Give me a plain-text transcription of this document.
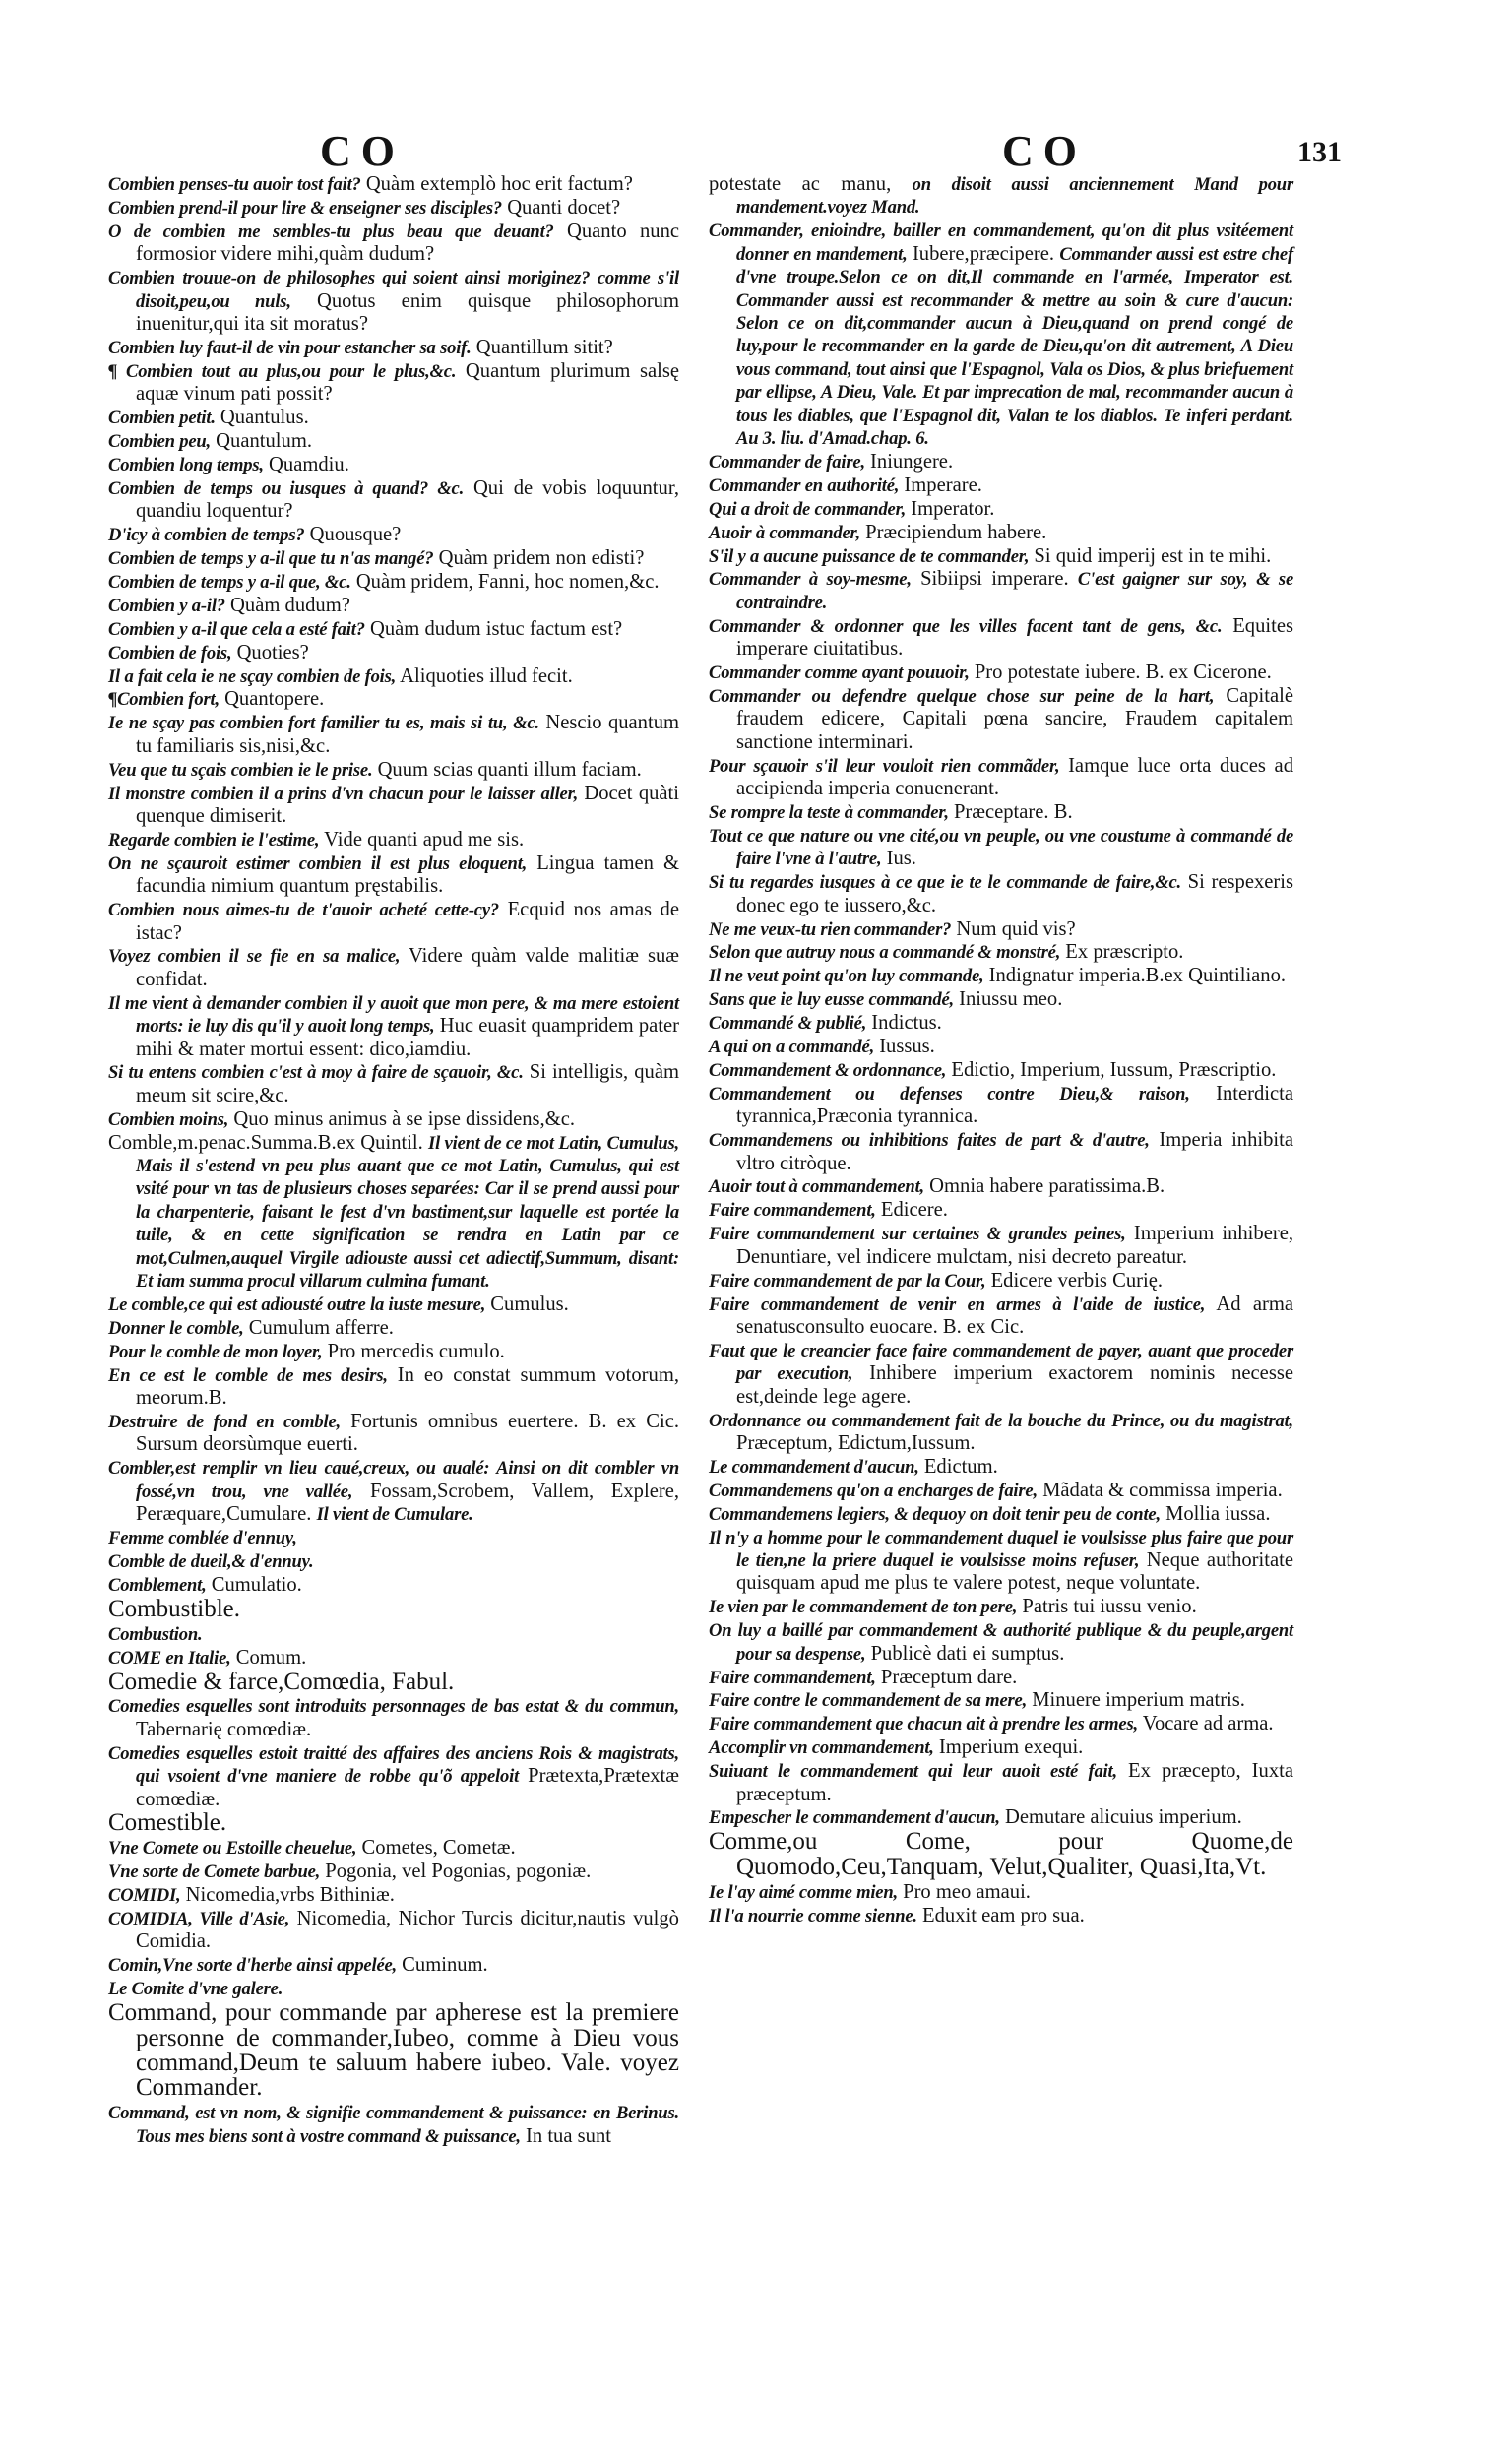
CO	CO	131
Combien penses-tu auoir tost fait? Quàm extemplò hoc erit factum?
Combien prend-il pour lire & enseigner ses disciples? Quanti docet?
O de combien me sembles-tu plus beau que deuant? Quanto nunc formosior videre mihi,quàm dudum?
Combien trouue-on de philosophes qui soient ainsi moriginez? comme s'il disoit,peu,ou nuls, Quotus enim quisque philosophorum inuenitur,qui ita sit moratus?
Combien luy faut-il de vin pour estancher sa soif. Quantillum sitit?
¶ Combien tout au plus,ou pour le plus,&c. Quantum plurimum salsę aquæ vinum pati possit?
Combien petit. Quantulus.
Combien peu, Quantulum.
Combien long temps, Quamdiu.
Combien de temps ou iusques à quand? &c. Qui de vobis loquuntur, quandiu loquentur?
D'icy à combien de temps? Quousque?
Combien de temps y a-il que tu n'as mangé? Quàm pridem non edisti?
Combien de temps y a-il que, &c. Quàm pridem, Fanni, hoc nomen,&c.
Combien y a-il? Quàm dudum?
Combien y a-il que cela a esté fait? Quàm dudum istuc factum est?
Combien de fois, Quoties?
Il a fait cela ie ne sçay combien de fois, Aliquoties illud fecit.
¶Combien fort, Quantopere.
Ie ne sçay pas combien fort familier tu es, mais si tu, &c. Nescio quantum tu familiaris sis,nisi,&c.
Veu que tu sçais combien ie le prise. Quum scias quanti illum faciam.
Il monstre combien il a prins d'vn chacun pour le laisser aller, Docet quàti quenque dimiserit.
Regarde combien ie l'estime, Vide quanti apud me sis.
On ne sçauroit estimer combien il est plus eloquent, Lingua tamen & facundia nimium quantum pręstabilis.
Combien nous aimes-tu de t'auoir acheté cette-cy? Ecquid nos amas de istac?
Voyez combien il se fie en sa malice, Videre quàm valde malitiæ suæ confidat.
Il me vient à demander combien il y auoit que mon pere, & ma mere estoient morts: ie luy dis qu'il y auoit long temps, Huc euasit quampridem pater mihi & mater mortui essent: dico,iamdiu.
Si tu entens combien c'est à moy à faire de sçauoir, &c. Si intelligis, quàm meum sit scire,&c.
Combien moins, Quo minus animus à se ipse dissidens,&c.
Comble,m.penac.Summa.B.ex Quintil. Il vient de ce mot Latin, Cumulus, Mais il s'estend vn peu plus auant que ce mot Latin, Cumulus, qui est vsité pour vn tas de plusieurs choses separées: Car il se prend aussi pour la charpenterie, faisant le fest d'vn bastiment,sur laquelle est portée la tuile, & en cette signification se rendra en Latin par ce mot,Culmen,auquel Virgile adiouste aussi cet adiectif,Summum, disant: Et iam summa procul villarum culmina fumant.
Le comble,ce qui est adiousté outre la iuste mesure, Cumulus.
Donner le comble, Cumulum afferre.
Pour le comble de mon loyer, Pro mercedis cumulo.
En ce est le comble de mes desirs, In eo constat summum votorum, meorum.B.
Destruire de fond en comble, Fortunis omnibus euertere. B. ex Cic. Sursum deorsùmque euerti.
Combler,est remplir vn lieu caué,creux, ou aualé: Ainsi on dit combler vn fossé,vn trou, vne vallée, Fossam,Scrobem, Vallem, Explere, Peræquare,Cumulare. Il vient de Cumulare.
Femme comblée d'ennuy,
Comble de dueil,& d'ennuy.
Comblement, Cumulatio.
Combustible.
Combustion.
COME en Italie, Comum.
Comedie & farce,Comœdia, Fabul.
Comedies esquelles sont introduits personnages de bas estat & du commun, Tabernarię comœdiæ.
Comedies esquelles estoit traitté des affaires des anciens Rois & magistrats, qui vsoient d'vne maniere de robbe qu'õ appeloit Prætexta,Prætextæ comœdiæ.
Comestible.
Vne Comete ou Estoille cheuelue, Cometes, Cometæ.
Vne sorte de Comete barbue, Pogonia, vel Pogonias, pogoniæ.
COMIDI, Nicomedia,vrbs Bithiniæ.
COMIDIA, Ville d'Asie, Nicomedia, Nichor Turcis dicitur,nautis vulgò Comidia.
Comin,Vne sorte d'herbe ainsi appelée, Cuminum.
Le Comite d'vne galere.
Command, pour commande par apherese est la premiere personne de commander,Iubeo, comme à Dieu vous command,Deum te saluum habere iubeo. Vale. voyez Commander.
Command, est vn nom, & signifie commandement & puissance: en Berinus. Tous mes biens sont à vostre command & puissance, In tua sunt
potestate ac manu, on disoit aussi anciennement Mand pour mandement.voyez Mand.
Commander, enioindre, bailler en commandement, qu'on dit plus vsitéement donner en mandement, Iubere,præcipere. Commander aussi est estre chef d'vne troupe.Selon ce on dit,Il commande en l'armée, Imperator est. Commander aussi est recommander & mettre au soin & cure d'aucun: Selon ce on dit,commander aucun à Dieu,quand on prend congé de luy,pour le recommander en la garde de Dieu,qu'on dit autrement, A Dieu vous command, tout ainsi que l'Espagnol, Vala os Dios, & plus briefuement par ellipse, A Dieu, Vale. Et par imprecation de mal, recommander aucun à tous les diables, que l'Espagnol dit, Valan te los diablos. Te inferi perdant. Au 3. liu. d'Amad.chap. 6.
Commander de faire, Iniungere.
Commander en authorité, Imperare.
Qui a droit de commander, Imperator.
Auoir à commander, Præcipiendum habere.
S'il y a aucune puissance de te commander, Si quid imperij est in te mihi.
Commander à soy-mesme, Sibiipsi imperare. C'est gaigner sur soy, & se contraindre.
Commander & ordonner que les villes facent tant de gens, &c. Equites imperare ciuitatibus.
Commander comme ayant pouuoir, Pro potestate iubere. B. ex Cicerone.
Commander ou defendre quelque chose sur peine de la hart, Capitalè fraudem edicere, Capitali pœna sancire, Fraudem capitalem sanctione interminari.
Pour sçauoir s'il leur vouloit rien commãder, Iamque luce orta duces ad accipienda imperia conuenerant.
Se rompre la teste à commander, Præceptare. B.
Tout ce que nature ou vne cité,ou vn peuple, ou vne coustume à commandé de faire l'vne à l'autre, Ius.
Si tu regardes iusques à ce que ie te le commande de faire,&c. Si respexeris donec ego te iussero,&c.
Ne me veux-tu rien commander? Num quid vis?
Selon que autruy nous a commandé & monstré, Ex præscripto.
Il ne veut point qu'on luy commande, Indignatur imperia.B.ex Quintiliano.
Sans que ie luy eusse commandé, Iniussu meo.
Commandé & publié, Indictus.
A qui on a commandé, Iussus.
Commandement & ordonnance, Edictio, Imperium, Iussum, Præscriptio.
Commandement ou defenses contre Dieu,& raison, Interdicta tyrannica,Præconia tyrannica.
Commandemens ou inhibitions faites de part & d'autre, Imperia inhibita vltro citròque.
Auoir tout à commandement, Omnia habere paratissima.B.
Faire commandement, Edicere.
Faire commandement sur certaines & grandes peines, Imperium inhibere, Denuntiare, vel indicere mulctam, nisi decreto pareatur.
Faire commandement de par la Cour, Edicere verbis Curię.
Faire commandement de venir en armes à l'aide de iustice, Ad arma senatusconsulto euocare. B. ex Cic.
Faut que le creancier face faire commandement de payer, auant que proceder par execution, Inhibere imperium exactorem nominis necesse est,deinde lege agere.
Ordonnance ou commandement fait de la bouche du Prince, ou du magistrat, Præceptum, Edictum,Iussum.
Le commandement d'aucun, Edictum.
Commandemens qu'on a encharges de faire, Mãdata & commissa imperia.
Commandemens legiers, & dequoy on doit tenir peu de conte, Mollia iussa.
Il n'y a homme pour le commandement duquel ie voulsisse plus faire que pour le tien,ne la priere duquel ie voulsisse moins refuser, Neque authoritate quisquam apud me plus te valere potest, neque voluntate.
Ie vien par le commandement de ton pere, Patris tui iussu venio.
On luy a baillé par commandement & authorité publique & du peuple,argent pour sa despense, Publicè dati ei sumptus.
Faire commandement, Præceptum dare.
Faire contre le commandement de sa mere, Minuere imperium matris.
Faire commandement que chacun ait à prendre les armes, Vocare ad arma.
Accomplir vn commandement, Imperium exequi.
Suiuant le commandement qui leur auoit esté fait, Ex præcepto, Iuxta præceptum.
Empescher le commandement d'aucun, Demutare alicuius imperium.
Comme,ou Come, pour Quome,de Quomodo,Ceu,Tanquam, Velut,Qualiter, Quasi,Ita,Vt.
Ie l'ay aimé comme mien, Pro meo amaui.
Il l'a nourrie comme sienne. Eduxit eam pro sua.
